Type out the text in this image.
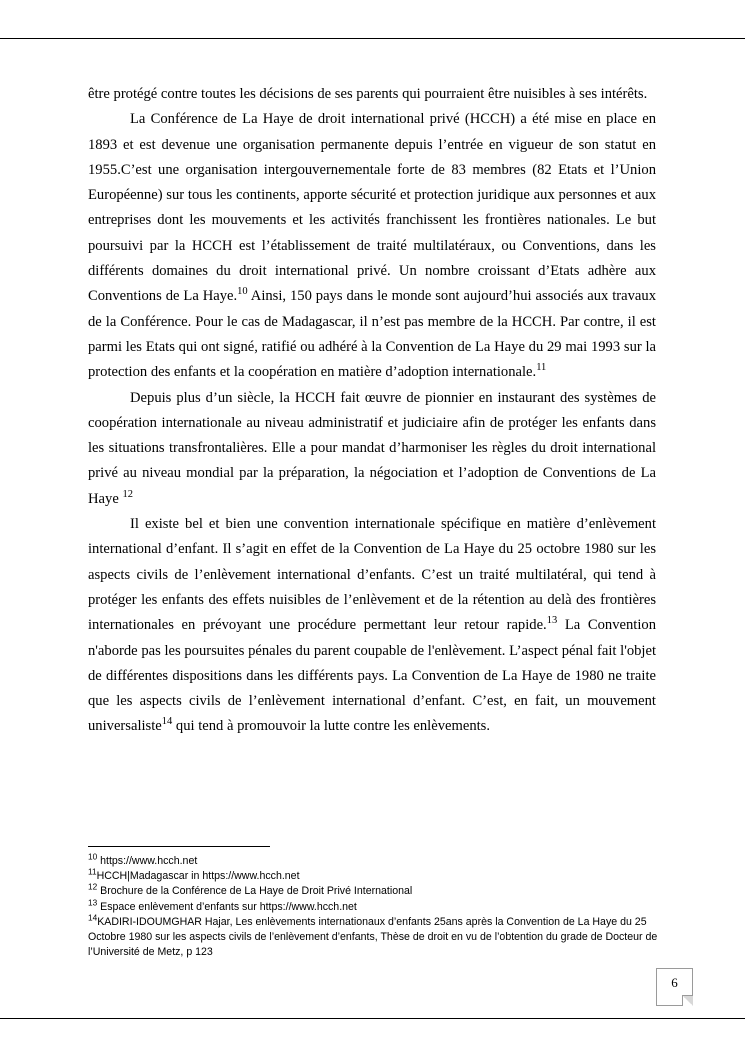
être protégé contre toutes les décisions de ses parents qui pourraient être nuisibles à ses intérêts.

La Conférence de La Haye de droit international privé (HCCH) a été mise en place en 1893 et est devenue une organisation permanente depuis l’entrée en vigueur de son statut en 1955.C’est une organisation intergouvernementale forte de 83 membres (82 Etats et l’Union Européenne) sur tous les continents, apporte sécurité et protection juridique aux personnes et aux entreprises dont les mouvements et les activités franchissent les frontières nationales. Le but poursuivi par la HCCH est l’établissement de traité multilatéraux, ou Conventions, dans les différents domaines du droit international privé. Un nombre croissant d’Etats adhère aux Conventions de La Haye.$^{10}$ Ainsi, 150 pays dans le monde sont aujourd’hui associés aux travaux de la Conférence. Pour le cas de Madagascar, il n’est pas membre de la HCCH. Par contre, il est parmi les Etats qui ont signé, ratifié ou adhéré à la Convention de La Haye du 29 mai 1993 sur la protection des enfants et la coopération en matière d’adoption internationale.$^{11}$

Depuis plus d’un siècle, la HCCH fait œuvre de pionnier en instaurant des systèmes de coopération internationale au niveau administratif et judiciaire afin de protéger les enfants dans les situations transfrontalières. Elle a pour mandat d’harmoniser les règles du droit international privé au niveau mondial par la préparation, la négociation et l’adoption de Conventions de La Haye $^{12}$

Il existe bel et bien une convention internationale spécifique en matière d’enlèvement international d’enfant. Il s’agit en effet de la Convention de La Haye du 25 octobre 1980 sur les aspects civils de l’enlèvement international d’enfants. C’est un traité multilatéral, qui tend à protéger les enfants des effets nuisibles de l’enlèvement et de la rétention au delà des frontières internationales en prévoyant une procédure permettant leur retour rapide.$^{13}$ La Convention n'aborde pas les poursuites pénales du parent coupable de l'enlèvement. L’aspect pénal fait l'objet de différentes dispositions dans les différents pays. La Convention de La Haye de 1980 ne traite que les aspects civils de l’enlèvement international d’enfant. C’est, en fait, un mouvement universaliste$^{14}$ qui tend à promouvoir la lutte contre les enlèvements.

$^{10}$ https://www.hcch.net

$^{11}$HCCH|Madagascar in https://www.hcch.net

$^{12}$ Brochure de la Conférence de La Haye de Droit Privé International

$^{13}$ Espace enlèvement d’enfants sur https://www.hcch.net

$^{14}$KADIRI-IDOUMGHAR Hajar, Les enlèvements internationaux d’enfants 25ans après la Convention de La Haye du 25 Octobre 1980 sur les aspects civils de l’enlèvement d’enfants, Thèse de droit en vu de l’obtention du grade de Docteur de l’Université de Metz, p 123

6
